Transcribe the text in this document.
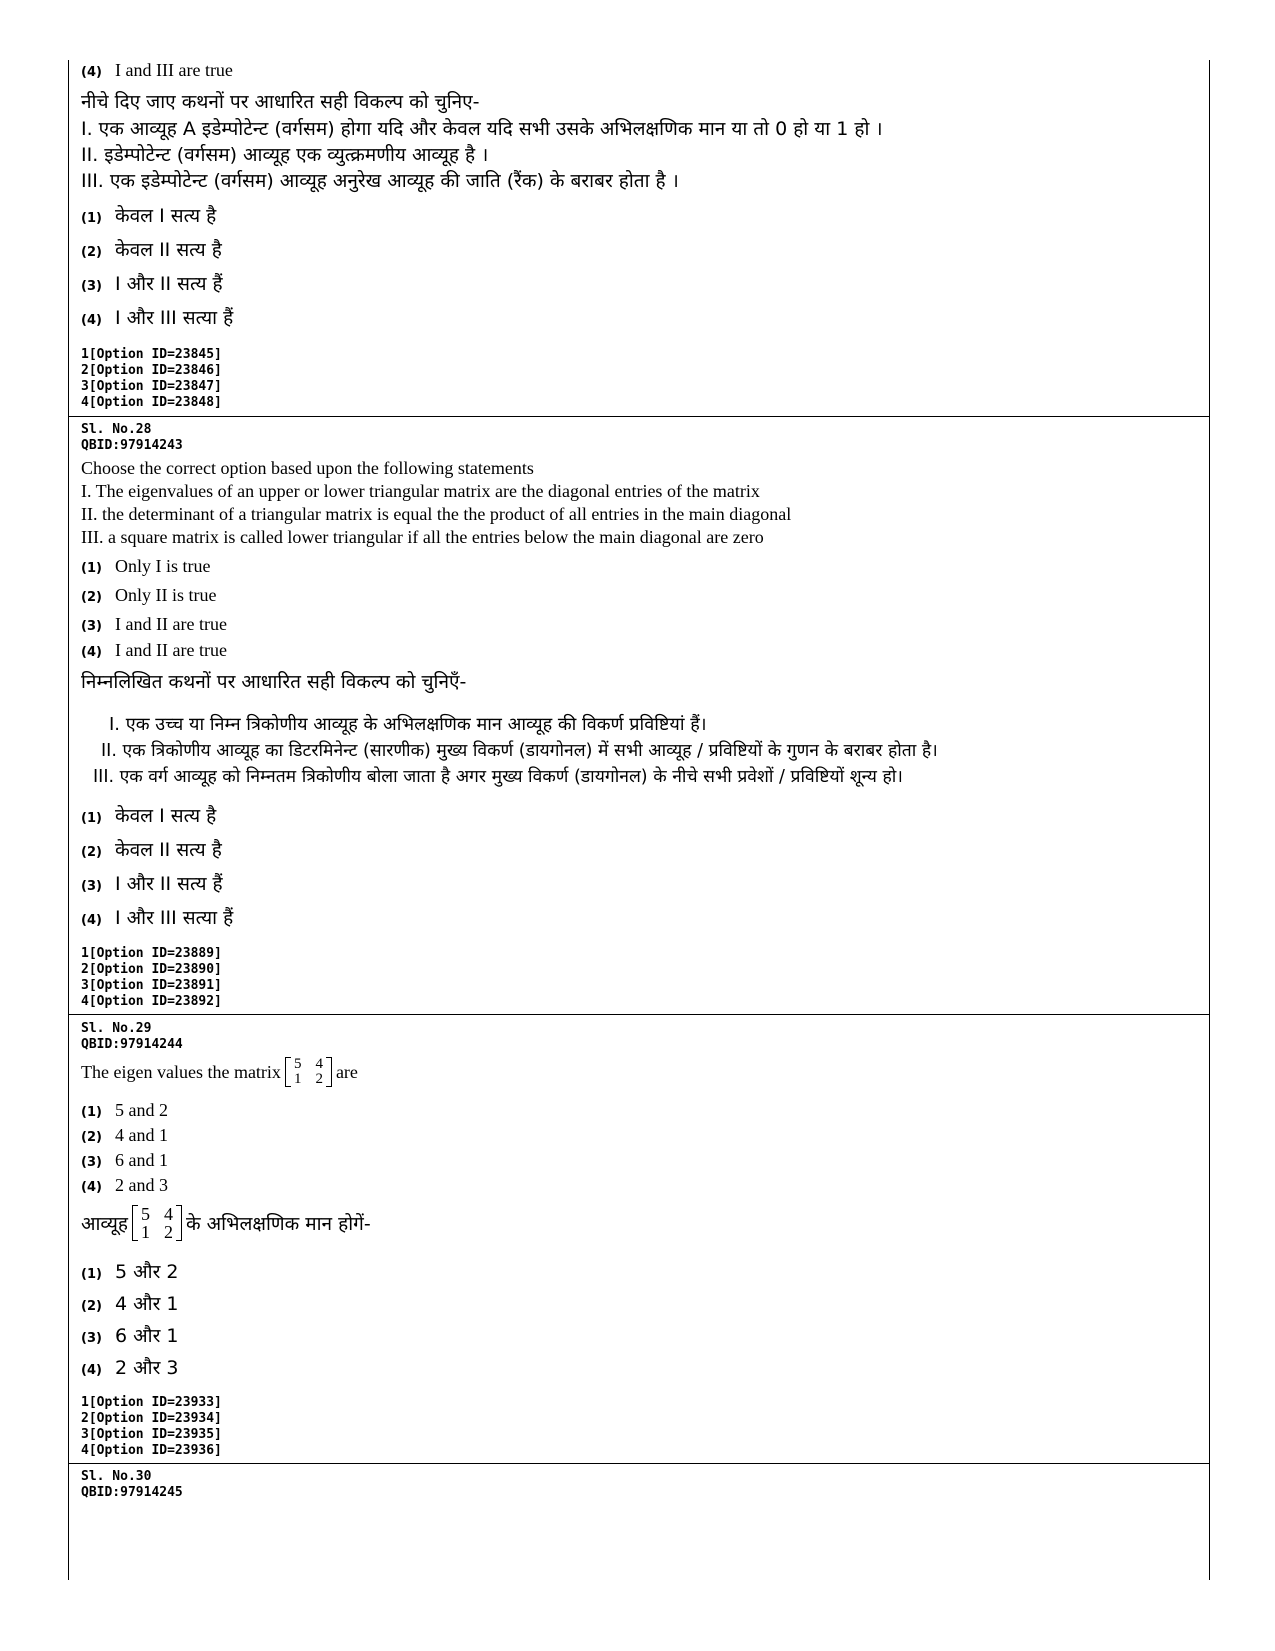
(4) I and III are true
नीचे दिए जाए कथनों पर आधारित सही विकल्प को चुनिए-
I. एक आव्यूह A इडेम्पोटेन्ट (वर्गसम) होगा यदि और केवल यदि सभी उसके अभिलक्षणिक मान या तो 0 हो या 1 हो ।
II. इडेम्पोटेन्ट (वर्गसम) आव्यूह एक व्युत्क्रमणीय आव्यूह है ।
III. एक इडेम्पोटेन्ट (वर्गसम) आव्यूह अनुरेख आव्यूह की जाति (रैंक) के बराबर होता है ।
(1) केवल I सत्य है
(2) केवल II सत्य है
(3) I और II सत्य हैं
(4) I और III सत्या हैं
1[Option ID=23845]
2[Option ID=23846]
3[Option ID=23847]
4[Option ID=23848]
Sl. No.28
QBID:97914243
Choose the correct option based upon the following statements
I. The eigenvalues of an upper or lower triangular matrix are the diagonal entries of the matrix
II. the determinant of a triangular matrix is equal the the product of all entries in the main diagonal
III. a square matrix is called lower triangular if all the entries below the main diagonal are zero
(1) Only I is true
(2) Only II is true
(3) I and II are true
(4) I and II are true
निम्नलिखित कथनों पर आधारित सही विकल्प को चुनिएँ-
I. एक उच्च या निम्न त्रिकोणीय आव्यूह के अभिलक्षणिक मान आव्यूह की विकर्ण प्रविष्टियां हैं।
II. एक त्रिकोणीय आव्यूह का डिटरमिनेन्ट (सारणीक) मुख्य विकर्ण (डायगोनल) में सभी आव्यूह / प्रविष्टियों के गुणन के बराबर होता है।
III. एक वर्ग आव्यूह को निम्नतम त्रिकोणीय बोला जाता है अगर मुख्य विकर्ण (डायगोनल) के नीचे सभी प्रवेशों / प्रविष्टियों शून्य हो।
(1) केवल I सत्य है
(2) केवल II सत्य है
(3) I और II सत्य हैं
(4) I और III सत्या हैं
1[Option ID=23889]
2[Option ID=23890]
3[Option ID=23891]
4[Option ID=23892]
Sl. No.29
QBID:97914244
The eigen values the matrix 5 4
1 2 are
(1) 5 and 2
(2) 4 and 1
(3) 6 and 1
(4) 2 and 3
आव्यूह 5 4
1 2 के अभिलक्षणिक मान होगें-
(1) 5 और 2
(2) 4 और 1
(3) 6 और 1
(4) 2 और 3
1[Option ID=23933]
2[Option ID=23934]
3[Option ID=23935]
4[Option ID=23936]
Sl. No.30
QBID:97914245
